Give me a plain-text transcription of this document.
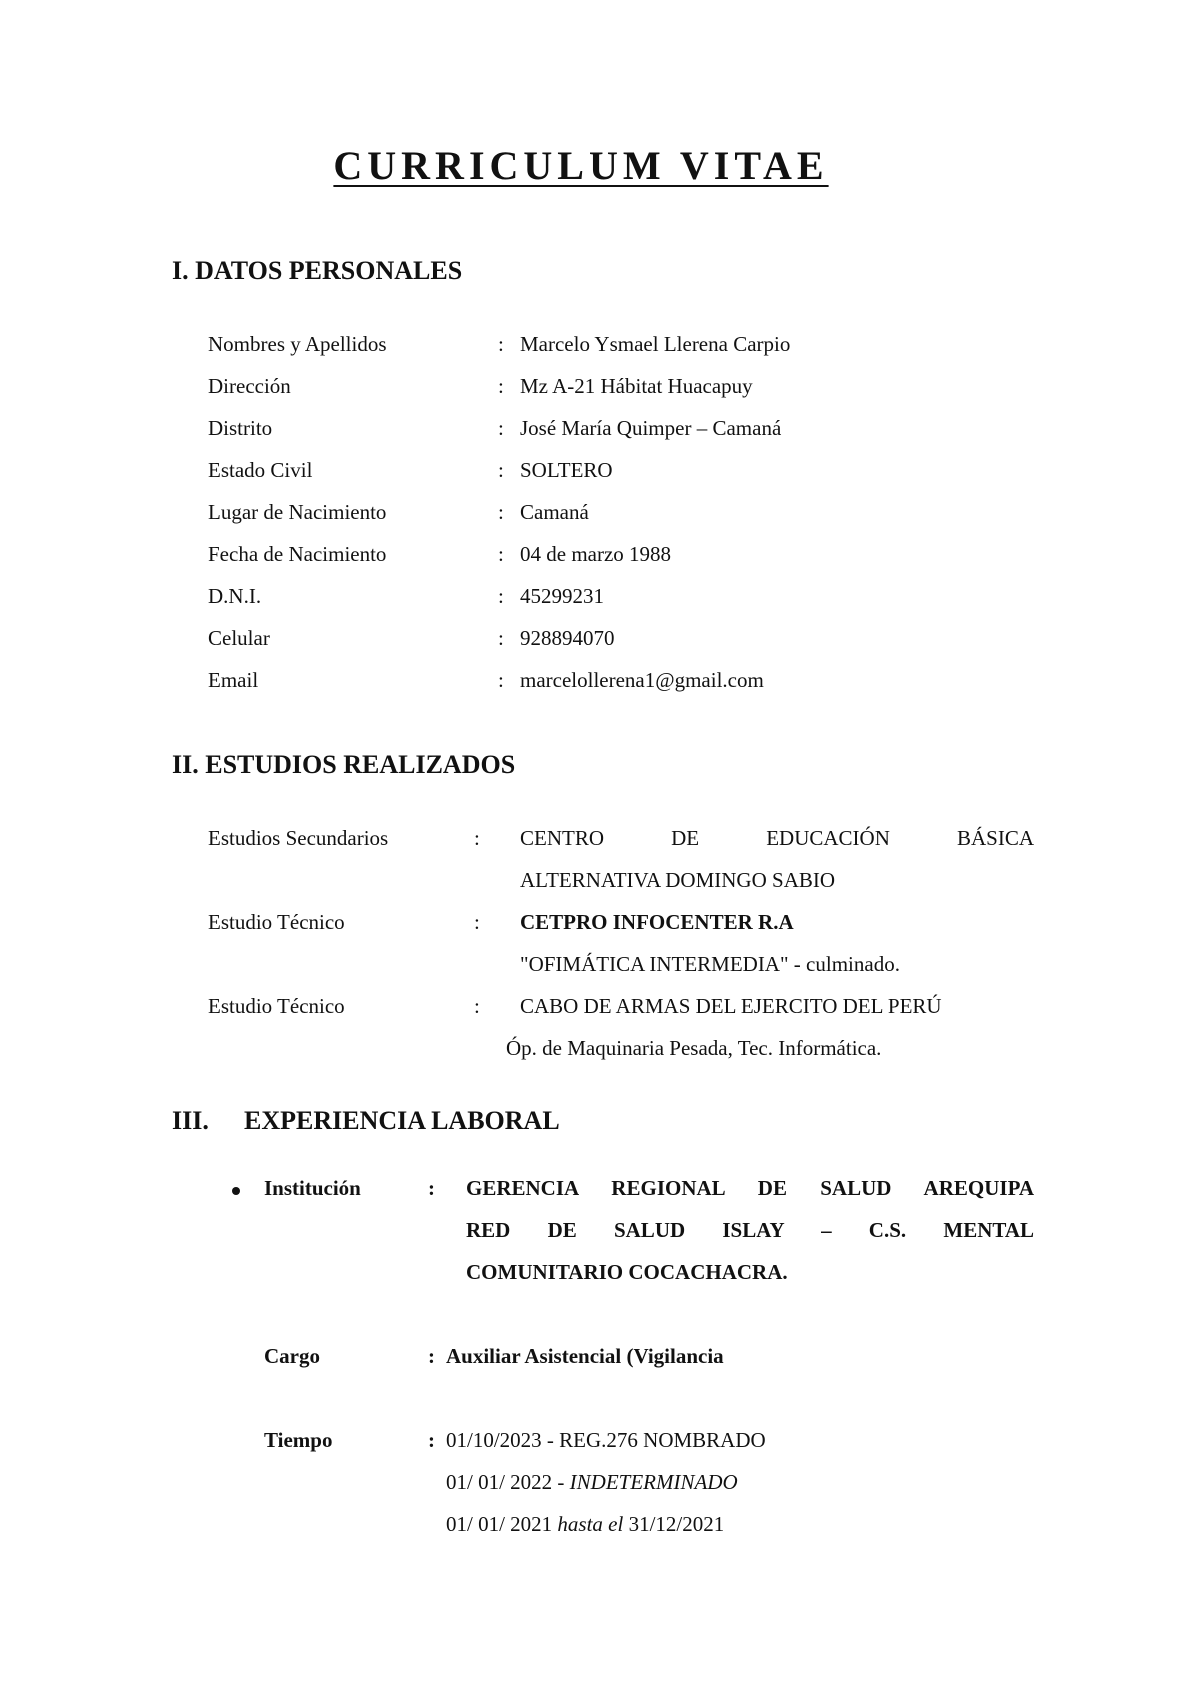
CURRICULUM VITAE
I. DATOS PERSONALES
Nombres y Apellidos	: Marcelo Ysmael Llerena Carpio
Dirección	: Mz A-21 Hábitat Huacapuy
Distrito	: José María Quimper – Camaná
Estado Civil	: SOLTERO
Lugar de Nacimiento	: Camaná
Fecha de Nacimiento	: 04 de marzo 1988
D.N.I.	: 45299231
Celular	: 928894070
Email	: marcelollerena1@gmail.com
II. ESTUDIOS REALIZADOS
Estudios Secundarios	: CENTRO DE EDUCACIÓN BÁSICA
ALTERNATIVA DOMINGO SABIO
Estudio Técnico	: CETPRO INFOCENTER R.A
"OFIMÁTICA INTERMEDIA" - culminado.
Estudio Técnico	: CABO DE ARMAS DEL EJERCITO DEL PERÚ
Óp. de Maquinaria Pesada, Tec. Informática.
III. EXPERIENCIA LABORAL
Institución	: GERENCIA REGIONAL DE SALUD AREQUIPA
RED DE SALUD ISLAY – C.S. MENTAL
COMUNITARIO COCACHACRA.
Cargo	: Auxiliar Asistencial (Vigilancia
Tiempo	: 01/10/2023 - REG.276 NOMBRADO
01/ 01/ 2022 - INDETERMINADO
01/ 01/ 2021 hasta el 31/12/2021
